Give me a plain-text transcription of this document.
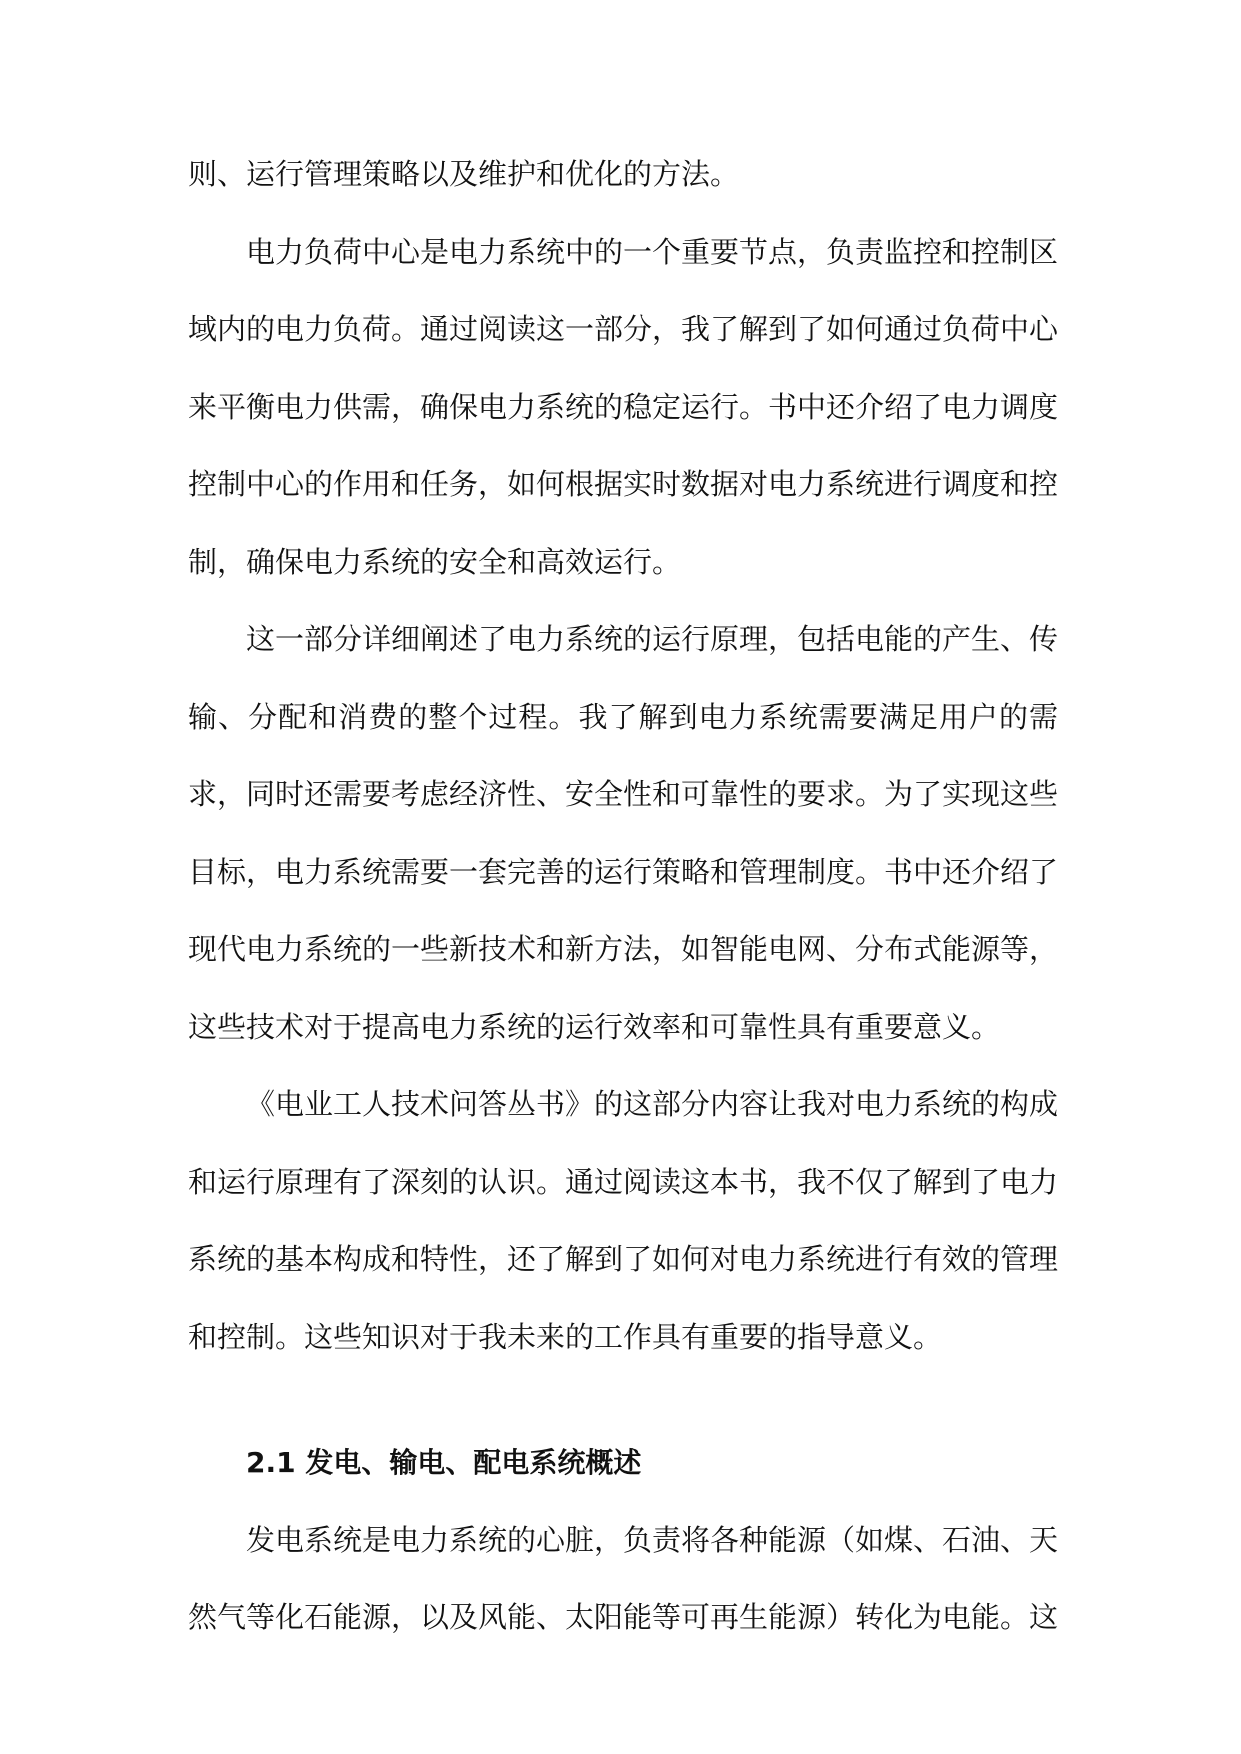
则、运行管理策略以及维护和优化的方法。

电力负荷中心是电力系统中的一个重要节点，负责监控和控制区域内的电力负荷。通过阅读这一部分，我了解到了如何通过负荷中心来平衡电力供需，确保电力系统的稳定运行。书中还介绍了电力调度控制中心的作用和任务，如何根据实时数据对电力系统进行调度和控制，确保电力系统的安全和高效运行。

这一部分详细阐述了电力系统的运行原理，包括电能的产生、传输、分配和消费的整个过程。我了解到电力系统需要满足用户的需求，同时还需要考虑经济性、安全性和可靠性的要求。为了实现这些目标，电力系统需要一套完善的运行策略和管理制度。书中还介绍了现代电力系统的一些新技术和新方法，如智能电网、分布式能源等，这些技术对于提高电力系统的运行效率和可靠性具有重要意义。

《电业工人技术问答丛书》的这部分内容让我对电力系统的构成和运行原理有了深刻的认识。通过阅读这本书，我不仅了解到了电力系统的基本构成和特性，还了解到了如何对电力系统进行有效的管理和控制。这些知识对于我未来的工作具有重要的指导意义。

2.1 发电、输电、配电系统概述

发电系统是电力系统的心脏，负责将各种能源（如煤、石油、天然气等化石能源，以及风能、太阳能等可再生能源）转化为电能。这
